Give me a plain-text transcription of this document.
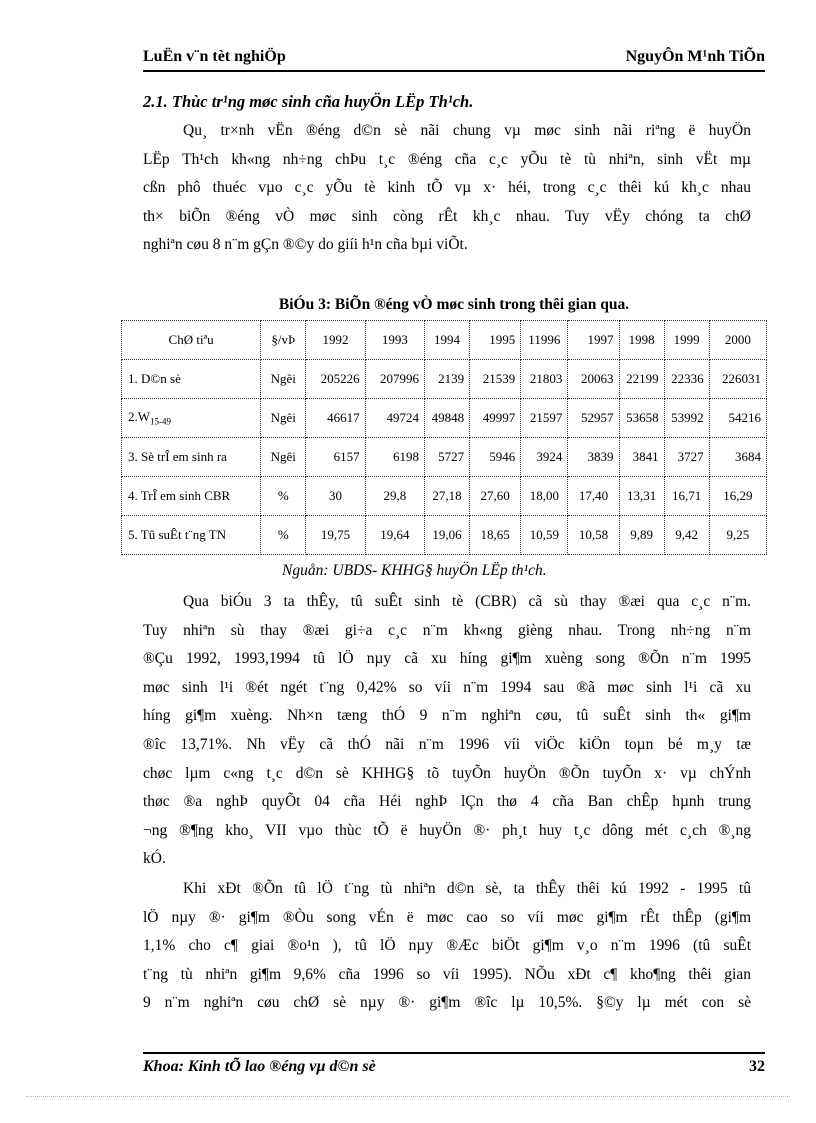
LuËn v¨n tèt nghiÖp	NguyÔn M¹nh TiÕn
2.1. Thùc tr¹ng møc sinh cña huyÖn LËp Th¹ch.
Qu¸ tr×nh vËn ®éng d©n sè nãi chung vµ møc sinh nãi riªng ë huyÖn
LËp Th¹ch kh«ng nh÷ng chÞu t¸c ®éng cña c¸c yÕu tè tù nhiªn, sinh vËt mµ
cßn phô thuéc vµo c¸c yÕu tè kinh tÕ vµ x· héi, trong c¸c thêi kú kh¸c nhau
th× biÕn ®éng vÒ møc sinh còng rÊt kh¸c nhau. Tuy vËy chóng ta chØ
nghiªn cøu 8 n¨m gÇn ®©y do giíi h¹n cña bµi viÕt.
BiÓu 3: BiÕn ®éng vÒ møc sinh trong thêi gian qua.
ChØ tiªu	§/vÞ	1992	1993	1994	1995	11996	1997	1998	1999	2000
1. D©n sè	Ngêi	205226	207996	2139	21539	21803	20063	22199	22336	226031
$2.W_{15-49}$	Ngêi	46617	49724	49848	49997	21597	52957	53658	53992	54216
3. Sè trÎ em sinh ra	Ngêi	6157	6198	5727	5946	3924	3839	3841	3727	3684
4. TrÎ em sinh CBR	%	30	29,8	27,18	27,60	18,00	17,40	13,31	16,71	16,29
5. Tû suÊt t¨ng TN	%	19,75	19,64	19,06	18,65	10,59	10,58	9,89	9,42	9,25
Nguån: UBDS- KHHG§ huyÖn LËp th¹ch.
Qua biÓu 3 ta thÊy, tû suÊt sinh tè (CBR) cã sù thay ®æi qua c¸c n¨m.
Tuy nhiªn sù thay ®æi gi÷a c¸c n¨m kh«ng gièng nhau. Trong nh÷ng n¨m
®Çu 1992, 1993,1994 tû lÖ nµy cã xu híng gi¶m xuèng song ®Õn n¨m 1995
møc sinh l¹i ®ét ngét t¨ng 0,42% so víi n¨m 1994 sau ®ã møc sinh l¹i cã xu
híng gi¶m xuèng. Nh×n tæng thÓ 9 n¨m nghiªn cøu, tû suÊt sinh th« gi¶m
®îc 13,71%. Nh vËy cã thÓ nãi n¨m 1996 víi viÖc kiÖn toµn bé m¸y tæ
chøc lµm c«ng t¸c d©n sè KHHG§ tõ tuyÕn huyÖn ®Õn tuyÕn x· vµ chÝnh
thøc ®a nghÞ quyÕt 04 cña Héi nghÞ lÇn thø 4 cña Ban chÊp hµnh trung
¬ng ®¶ng kho¸ VII vµo thùc tÕ ë huyÖn ®· ph¸t huy t¸c dông mét c¸ch ®¸ng
kÓ.
Khi xÐt ®Õn tû lÖ t¨ng tù nhiªn d©n sè, ta thÊy thêi kú 1992 - 1995 tû
lÖ nµy ®· gi¶m ®Òu song vÉn ë møc cao so víi møc gi¶m rÊt thÊp (gi¶m
1,1% cho c¶ giai ®o¹n ), tû lÖ nµy ®Æc biÖt gi¶m v¸o n¨m 1996 (tû suÊt
t¨ng tù nhiªn gi¶m 9,6% cña 1996 so víi 1995). NÕu xÐt c¶ kho¶ng thêi gian
9 n¨m nghiªn cøu chØ sè nµy ®· gi¶m ®îc lµ 10,5%. §©y lµ mét con sè
Khoa: Kinh tÕ lao ®éng vµ d©n sè	32
